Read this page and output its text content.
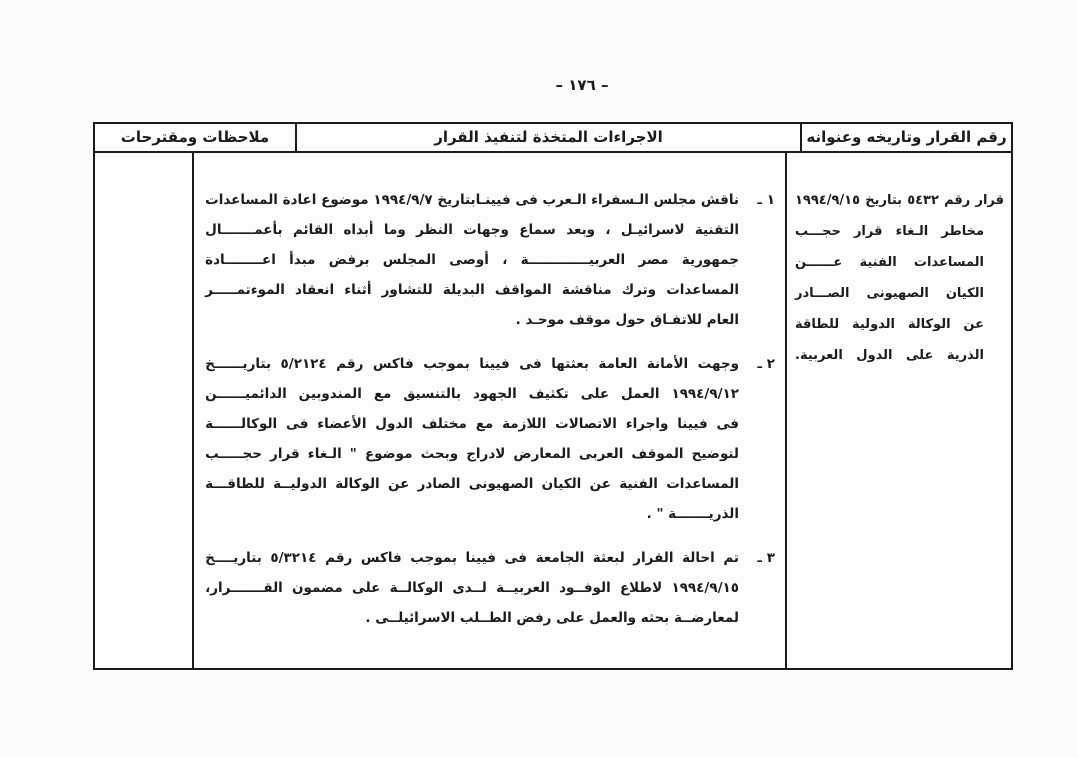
– ١٧٦ –
رقم القرار وتاريخه وعنوانه
الاجراءات المتخذة لتنفيذ القرار
ملاحظات ومقترحات
قرار رقم ٥٤٣٢ بتاريخ ١٩٩٤/٩/١٥
مخاطر الـغاء قرار حجـــب
المساعدات الفنية عــــــن
الكيان الصهيونى الصـــادر
عن الوكالة الدولية للطاقة
الذرية على الدول العربية.
١ ـ
ناقش مجلس الـسفراء الـعرب فى فيينـابتاريخ ١٩٩٤/٩/٧ موضوع اعادة المساعدات
التقنية لاسرائيـل ، وبعد سماع وجهات النظر وما أبداه القائم بأعمـــــــال
جمهورية مصر العربيـــــــــــــة ، أوصى المجلس برفض مبدأ اعــــــــادة
المساعدات وترك مناقشة المواقف البديلة للتشاور أثناء انعقاد الموءتمـــــر
العام للاتفـاق حول موقف موحـد .
٢ ـ
وجهت الأمانة العامة بعثتها فى فيينا بموجب فاكس رقم ٥/٢١٢٤ بتاريــــــخ
١٩٩٤/٩/١٢ العمل على تكثيف الجهود بالتنسيق مع المندوبين الدائميــــــن
فى فيينا واجراء الاتصالات اللازمة مع مختلف الدول الأعضاء فى الوكالــــــة
لتوضيح الموقف العربى المعارض لادراج وبحث موضوع " الـغاء قرار حجـــــب
المساعدات الفنية عن الكيان الصهيونى الصادر عن الوكالة الدوليــة للطاقـــة
الذريـــــــة " .
٣ ـ
تم احالة القرار لبعثة الجامعة فى فيينا بموجب فاكس رقم ٥/٣٢١٤ بتاريــــخ
١٩٩٤/٩/١٥ لاطلاع الوفــود العربيــة لــدى الوكالــة على مضمون القـــــــرار،
لمعارضــة بحثه والعمل على رفض الطــلب الاسرائيلــى .
